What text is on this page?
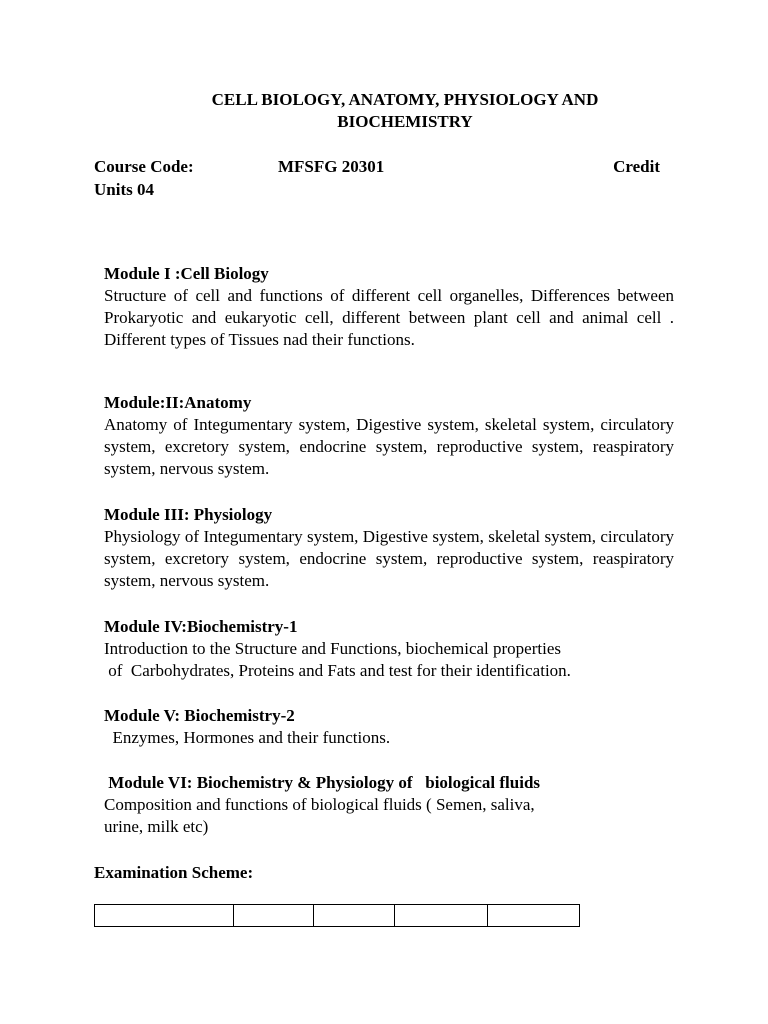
CELL BIOLOGY, ANATOMY, PHYSIOLOGY AND
BIOCHEMISTRY
Course Code:	MFSFG 20301	Credit
Units 04
Module I :Cell Biology
Structure of cell and functions of different cell organelles, Differences between Prokaryotic and eukaryotic cell, different between plant cell and animal cell . Different types of Tissues nad their functions.
Module:II:Anatomy
Anatomy of Integumentary system, Digestive system, skeletal system, circulatory system, excretory system, endocrine system, reproductive system, reaspiratory system, nervous system.
Module III: Physiology
Physiology of Integumentary system, Digestive system, skeletal system, circulatory system, excretory system, endocrine system, reproductive system, reaspiratory system, nervous system.
Module IV:Biochemistry-1
Introduction to the Structure and Functions, biochemical properties
of  Carbohydrates, Proteins and Fats and test for their identification.
Module V: Biochemistry-2
Enzymes, Hormones and their functions.
Module VI: Biochemistry & Physiology of   biological fluids
Composition and functions of biological fluids ( Semen, saliva,
urine, milk etc)
Examination Scheme:
